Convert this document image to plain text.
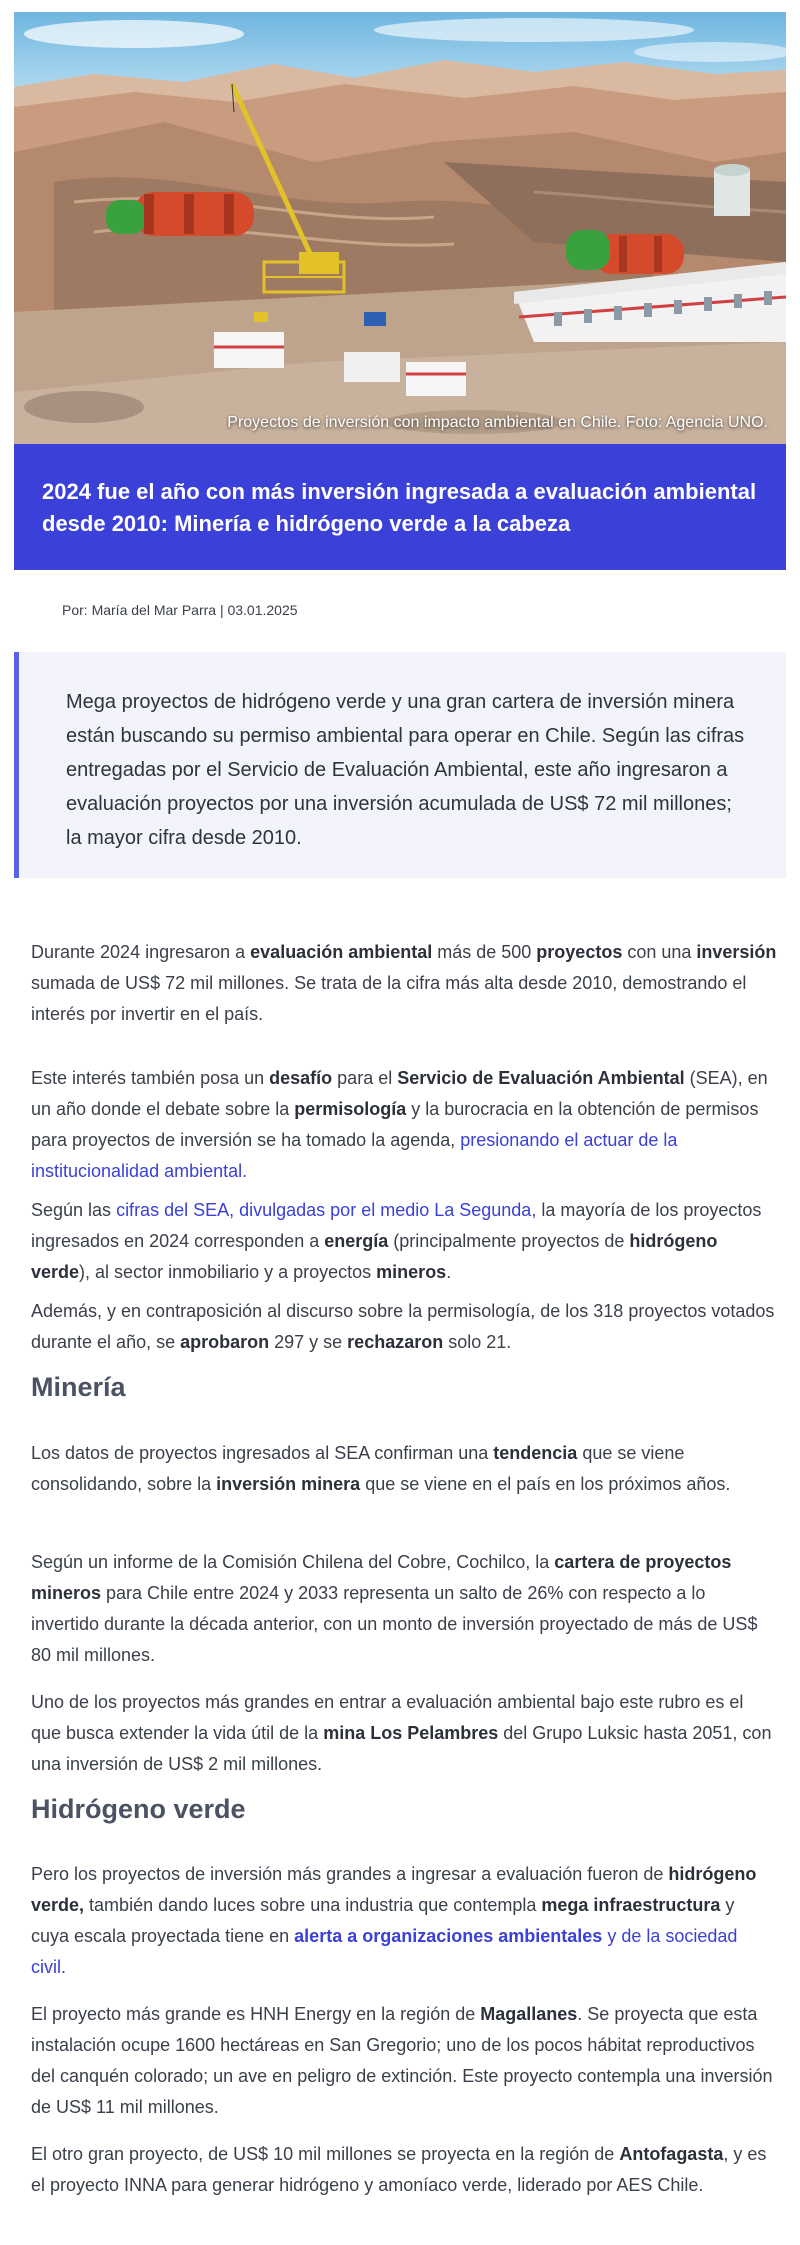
Proyectos de inversión con impacto ambiental en Chile. Foto: Agencia UNO.
2024 fue el año con más inversión ingresada a evaluación ambiental desde 2010: Minería e hidrógeno verde a la cabeza
Por: María del Mar Parra | 03.01.2025

Mega proyectos de hidrógeno verde y una gran cartera de inversión minera están buscando su permiso ambiental para operar en Chile. Según las cifras entregadas por el Servicio de Evaluación Ambiental, este año ingresaron a evaluación proyectos por una inversión acumulada de US$ 72 mil millones; la mayor cifra desde 2010.

Durante 2024 ingresaron a evaluación ambiental más de 500 proyectos con una inversión sumada de US$ 72 mil millones. Se trata de la cifra más alta desde 2010, demostrando el interés por invertir en el país.

Este interés también posa un desafío para el Servicio de Evaluación Ambiental (SEA), en un año donde el debate sobre la permisología y la burocracia en la obtención de permisos para proyectos de inversión se ha tomado la agenda, presionando el actuar de la institucionalidad ambiental.

Según las cifras del SEA, divulgadas por el medio La Segunda, la mayoría de los proyectos ingresados en 2024 corresponden a energía (principalmente proyectos de hidrógeno verde), al sector inmobiliario y a proyectos mineros.

Además, y en contraposición al discurso sobre la permisología, de los 318 proyectos votados durante el año, se aprobaron 297 y se rechazaron solo 21.

Minería

Los datos de proyectos ingresados al SEA confirman una tendencia que se viene consolidando, sobre la inversión minera que se viene en el país en los próximos años.

Según un informe de la Comisión Chilena del Cobre, Cochilco, la cartera de proyectos mineros para Chile entre 2024 y 2033 representa un salto de 26% con respecto a lo invertido durante la década anterior, con un monto de inversión proyectado de más de US$ 80 mil millones.

Uno de los proyectos más grandes en entrar a evaluación ambiental bajo este rubro es el que busca extender la vida útil de la mina Los Pelambres del Grupo Luksic hasta 2051, con una inversión de US$ 2 mil millones.

Hidrógeno verde

Pero los proyectos de inversión más grandes a ingresar a evaluación fueron de hidrógeno verde, también dando luces sobre una industria que contempla mega infraestructura y cuya escala proyectada tiene en alerta a organizaciones ambientales y de la sociedad civil.

El proyecto más grande es HNH Energy en la región de Magallanes. Se proyecta que esta instalación ocupe 1600 hectáreas en San Gregorio; uno de los pocos hábitat reproductivos del canquén colorado; un ave en peligro de extinción. Este proyecto contempla una inversión de US$ 11 mil millones.

El otro gran proyecto, de US$ 10 mil millones se proyecta en la región de Antofagasta, y es el proyecto INNA para generar hidrógeno y amoníaco verde, liderado por AES Chile.
